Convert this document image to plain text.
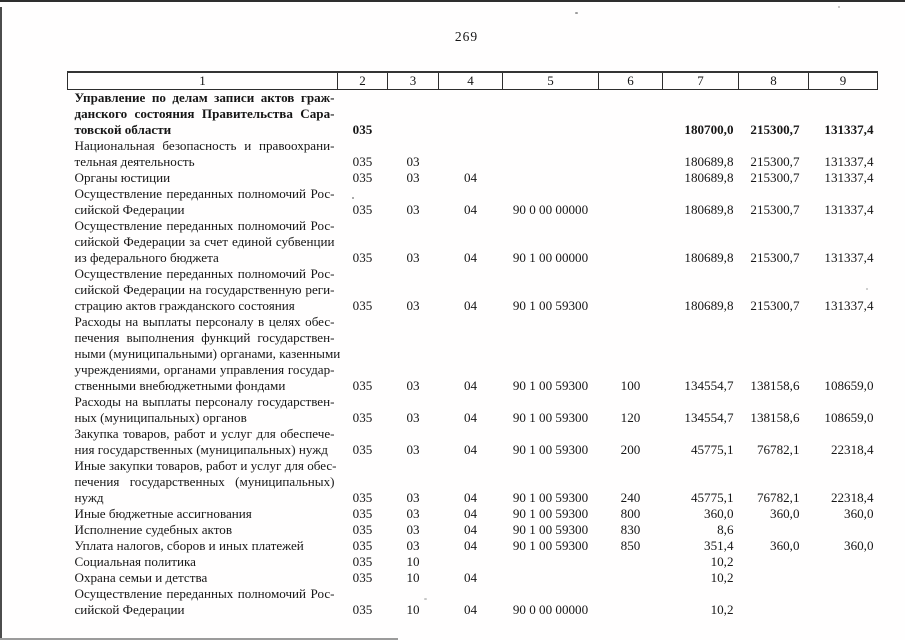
269
1	2	3	4	5	6	7	8	9

Управление по делам записи актов граж-
данского состояния Правительства Сара-
товской области	035					180700,0	215300,7	131337,4

Национальная безопасность и правоохрани-
тельная деятельность	035	03				180689,8	215300,7	131337,4

Органы юстиции	035	03	04			180689,8	215300,7	131337,4

Осуществление переданных полномочий Рос-
сийской Федерации	035	03	04	90 0 00 00000		180689,8	215300,7	131337,4

Осуществление переданных полномочий Рос-
сийской Федерации за счет единой субвенции
из федерального бюджета	035	03	04	90 1 00 00000		180689,8	215300,7	131337,4

Осуществление переданных полномочий Рос-
сийской Федерации на государственную реги-
страцию актов гражданского состояния	035	03	04	90 1 00 59300		180689,8	215300,7	131337,4

Расходы на выплаты персоналу в целях обес-
печения выполнения функций государствен-
ными (муниципальными) органами, казенными
учреждениями, органами управления государ-
ственными внебюджетными фондами	035	03	04	90 1 00 59300	100	134554,7	138158,6	108659,0

Расходы на выплаты персоналу государствен-
ных (муниципальных) органов	035	03	04	90 1 00 59300	120	134554,7	138158,6	108659,0

Закупка товаров, работ и услуг для обеспече-
ния государственных (муниципальных) нужд	035	03	04	90 1 00 59300	200	45775,1	76782,1	22318,4

Иные закупки товаров, работ и услуг для обес-
печения государственных (муниципальных)
нужд	035	03	04	90 1 00 59300	240	45775,1	76782,1	22318,4

Иные бюджетные ассигнования	035	03	04	90 1 00 59300	800	360,0	360,0	360,0

Исполнение судебных актов	035	03	04	90 1 00 59300	830	8,6		

Уплата налогов, сборов и иных платежей	035	03	04	90 1 00 59300	850	351,4	360,0	360,0

Социальная политика	035	10				10,2		

Охрана семьи и детства	035	10	04			10,2		

Осуществление переданных полномочий Рос-
сийской Федерации	035	10	04	90 0 00 00000		10,2		
